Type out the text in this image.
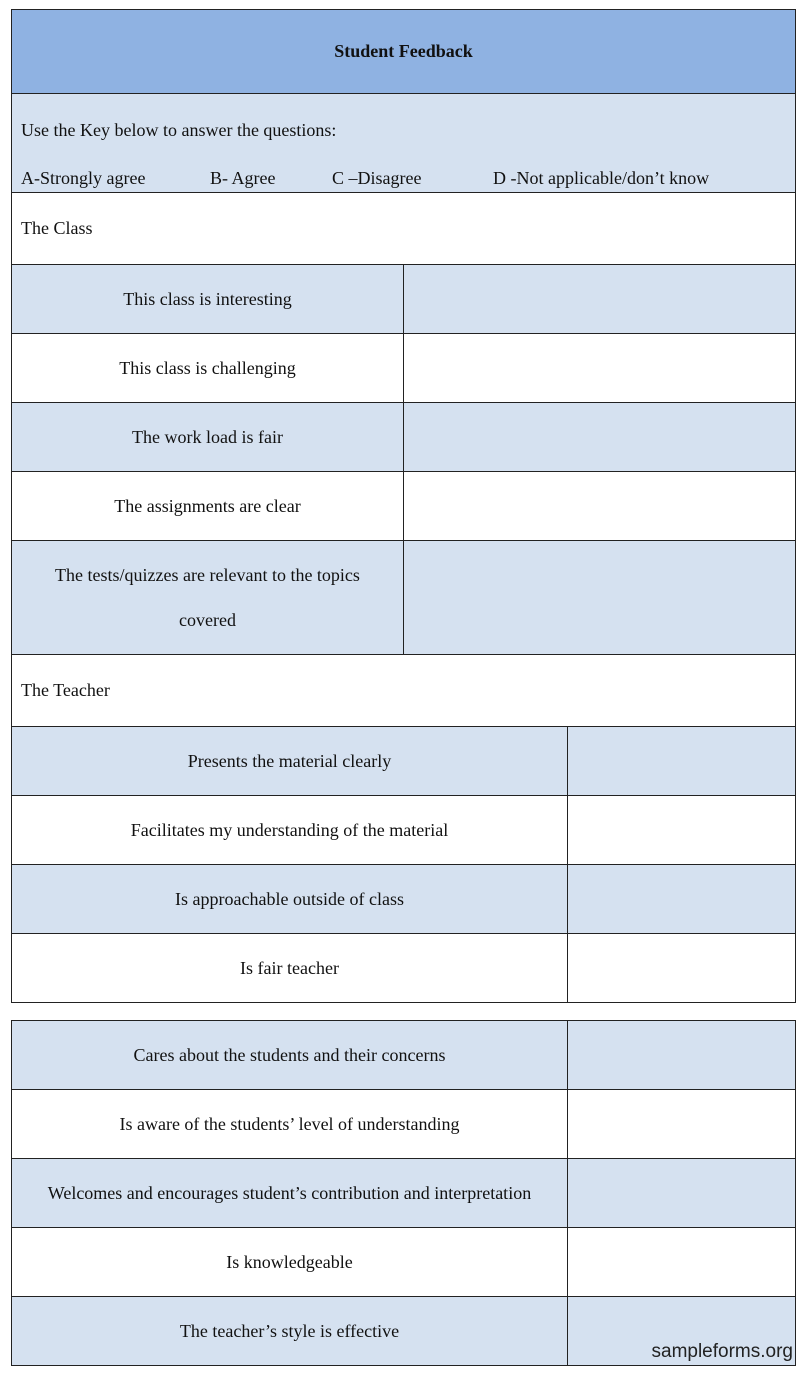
Student Feedback		

Use the Key below to answer the questions:
A-Strongly agree B- Agree C –Disagree D -Not applicable/don’t know		

The Class		
This class is interesting		
This class is challenging		
The work load is fair		
The assignments are clear		
The tests/quizzes are relevant to the topics covered		
The Teacher		
Presents the material clearly		
Facilitates my understanding of the material		
Is approachable outside of class		
Is fair teacher		
Cares about the students and their concerns	
Is aware of the students’ level of understanding	
Welcomes and encourages student’s contribution and interpretation	
Is knowledgeable	
The teacher’s style is effective	
sampleforms.org
